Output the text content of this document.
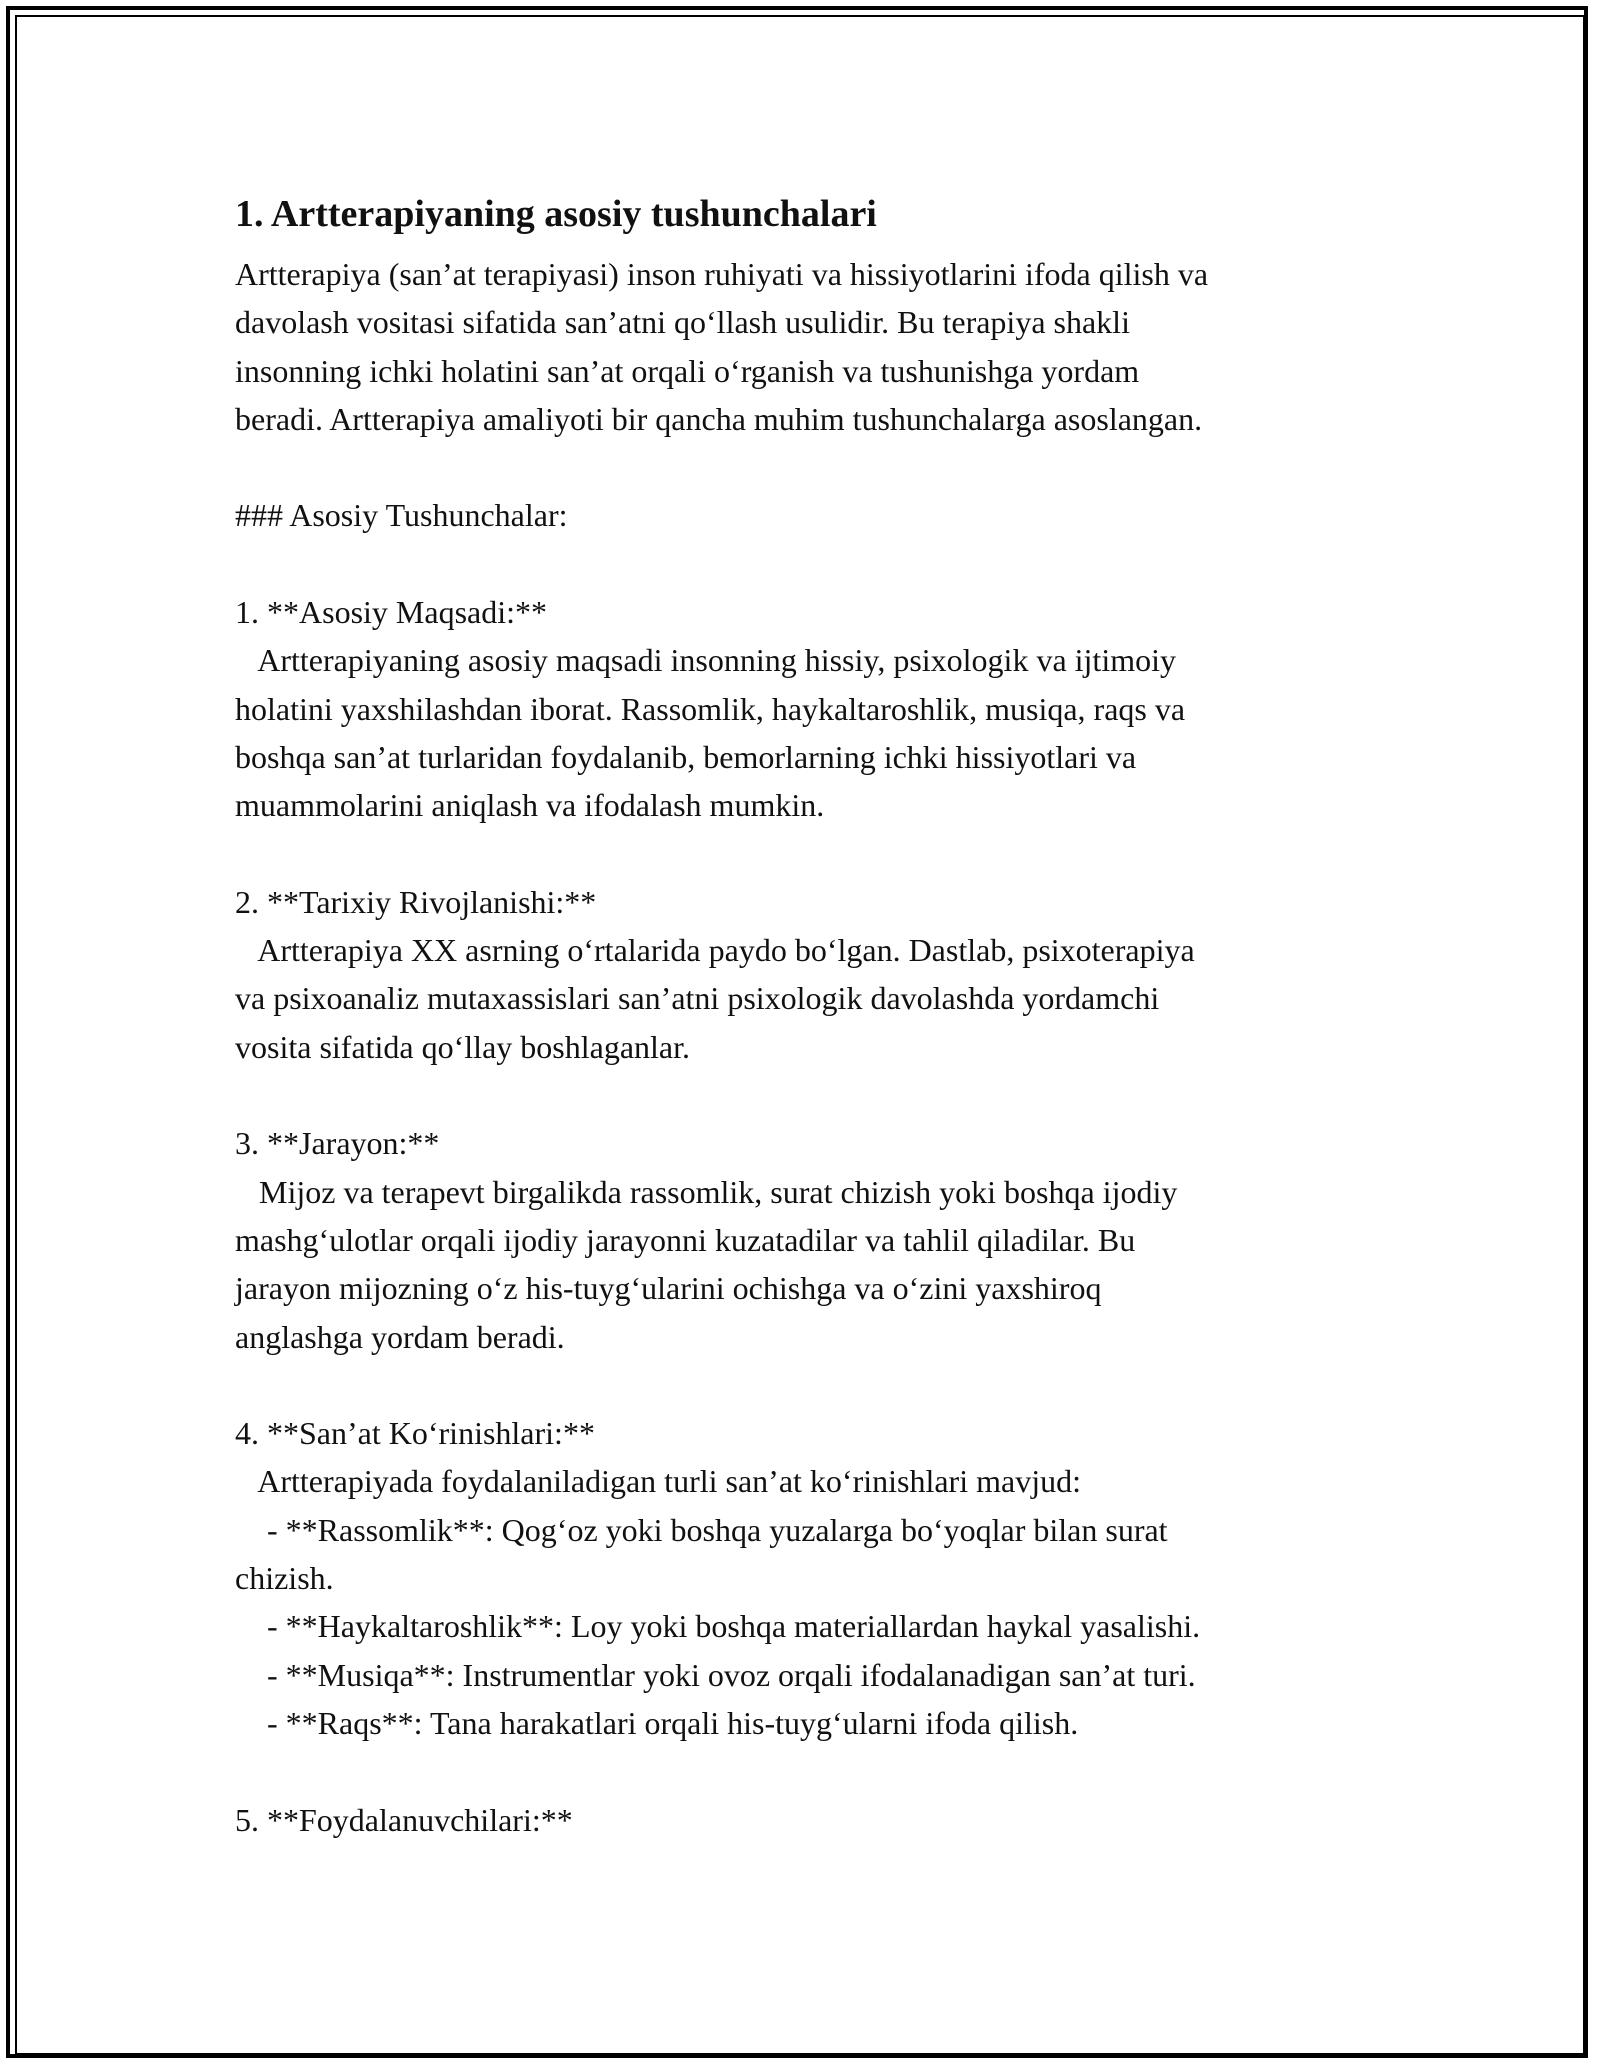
1. Artterapiyaning asosiy tushunchalari
Artterapiya (san’at terapiyasi) inson ruhiyati va hissiyotlarini ifoda qilish va
davolash vositasi sifatida san’atni qo‘llash usulidir. Bu terapiya shakli
insonning ichki holatini san’at orqali o‘rganish va tushunishga yordam
beradi. Artterapiya amaliyoti bir qancha muhim tushunchalarga asoslangan.
### Asosiy Tushunchalar:
1. **Asosiy Maqsadi:**
Artterapiyaning asosiy maqsadi insonning hissiy, psixologik va ijtimoiy
holatini yaxshilashdan iborat. Rassomlik, haykaltaroshlik, musiqa, raqs va
boshqa san’at turlaridan foydalanib, bemorlarning ichki hissiyotlari va
muammolarini aniqlash va ifodalash mumkin.
2. **Tarixiy Rivojlanishi:**
Artterapiya XX asrning o‘rtalarida paydo bo‘lgan. Dastlab, psixoterapiya
va psixoanaliz mutaxassislari san’atni psixologik davolashda yordamchi
vosita sifatida qo‘llay boshlaganlar.
3. **Jarayon:**
Mijoz va terapevt birgalikda rassomlik, surat chizish yoki boshqa ijodiy
mashg‘ulotlar orqali ijodiy jarayonni kuzatadilar va tahlil qiladilar. Bu
jarayon mijozning o‘z his-tuyg‘ularini ochishga va o‘zini yaxshiroq
anglashga yordam beradi.
4. **San’at Ko‘rinishlari:**
Artterapiyada foydalaniladigan turli san’at ko‘rinishlari mavjud:
- **Rassomlik**: Qog‘oz yoki boshqa yuzalarga bo‘yoqlar bilan surat
chizish.
- **Haykaltaroshlik**: Loy yoki boshqa materiallardan haykal yasalishi.
- **Musiqa**: Instrumentlar yoki ovoz orqali ifodalanadigan san’at turi.
- **Raqs**: Tana harakatlari orqali his-tuyg‘ularni ifoda qilish.
5. **Foydalanuvchilari:**
